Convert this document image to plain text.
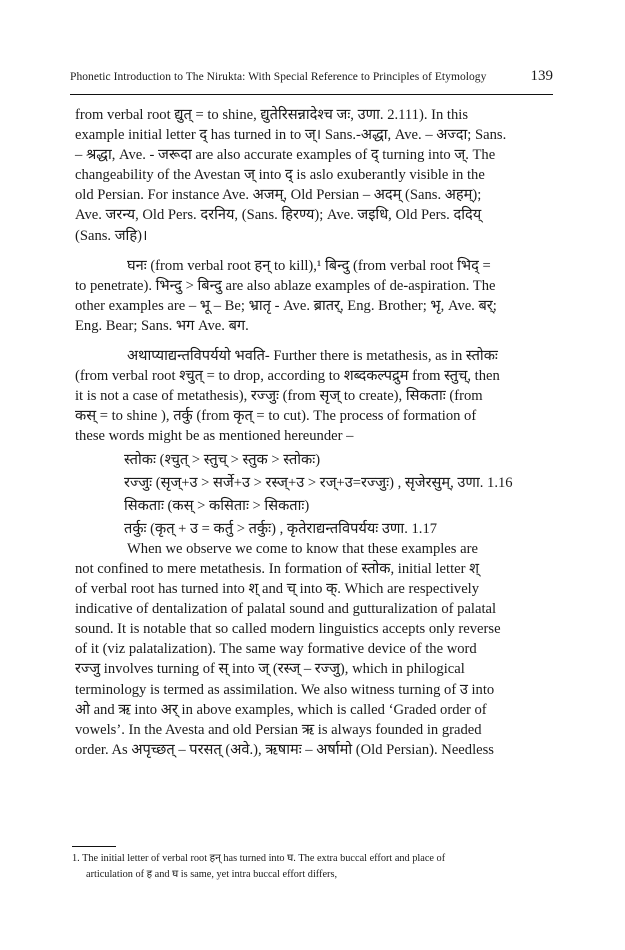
Phonetic Introduction to The Nirukta: With Special Reference to Principles of Etymology	139
from verbal root द्युत् = to shine, द्युतेरिसन्नादेश्च जः, उणा. 2.111). In this
example initial letter द् has turned in to ज्। Sans.-अद्धा, Ave. – अज्दा; Sans.
– श्रद्धा, Ave. - जरूदा are also accurate examples of द् turning into ज्. The
changeability of the Avestan ज् into द् is aslo exuberantly visible in the
old Persian. For instance Ave. अजम्, Old Persian – अदम् (Sans. अहम्);
Ave. जरन्य, Old Pers. दरनिय, (Sans. हिरण्य); Ave. जइधि, Old Pers. ददिय्
(Sans. जहि)।
घनः (from verbal root हन् to kill),¹ बिन्दु (from verbal root भिद् =
to penetrate). भिन्दु > बिन्दु are also ablaze examples of de-aspiration. The
other examples are – भू – Be; भ्रातृ - Ave. ब्रातर्, Eng. Brother; भृ, Ave. बर्;
Eng. Bear; Sans. भग Ave. बग.
अथाप्याद्यन्तविपर्ययो भवति- Further there is metathesis, as in स्तोकः
(from verbal root श्चुत् = to drop, according to शब्दकल्पद्रुम from स्तुच्, then
it is not a case of metathesis), रज्जुः (from सृज् to create), सिकताः (from
कस् = to shine ), तर्कु (from कृत् = to cut). The process of formation of
these words might be as mentioned hereunder –
स्तोकः (श्चुत् > स्तुच् > स्तुक > स्तोकः)
रज्जुः (सृज्+उ > सर्जे+उ > रस्ज्+उ > रज्+उ=रज्जुः) , सृजेरसुम्, उणा. 1.16
सिकताः (कस् > कसिताः > सिकताः)
तर्कुः (कृत् + उ = कर्तु > तर्कुः) , कृतेराद्यन्तविपर्ययः उणा. 1.17
When we observe we come to know that these examples are
not confined to mere metathesis. In formation of स्तोक, initial letter श्
of verbal root has turned into श् and च् into क्. Which are respectively
indicative of dentalization of palatal sound and gutturalization of palatal
sound. It is notable that so called modern linguistics accepts only reverse
of it (viz palatalization). The same way formative device of the word
रज्जु involves turning of स् into ज् (रस्ज् – रज्जु), which in philogical
terminology is termed as assimilation. We also witness turning of उ into
ओ and ऋ into अर् in above examples, which is called ‘Graded order of
vowels’. In the Avesta and old Persian ऋ is always founded in graded
order. As अपृच्छत् – परसत् (अवे.), ऋषामः – अर्षामो (Old Persian). Needless
1. The initial letter of verbal root हन् has turned into घ. The extra buccal effort and place of
articulation of ह and घ is same, yet intra buccal effort differs,
